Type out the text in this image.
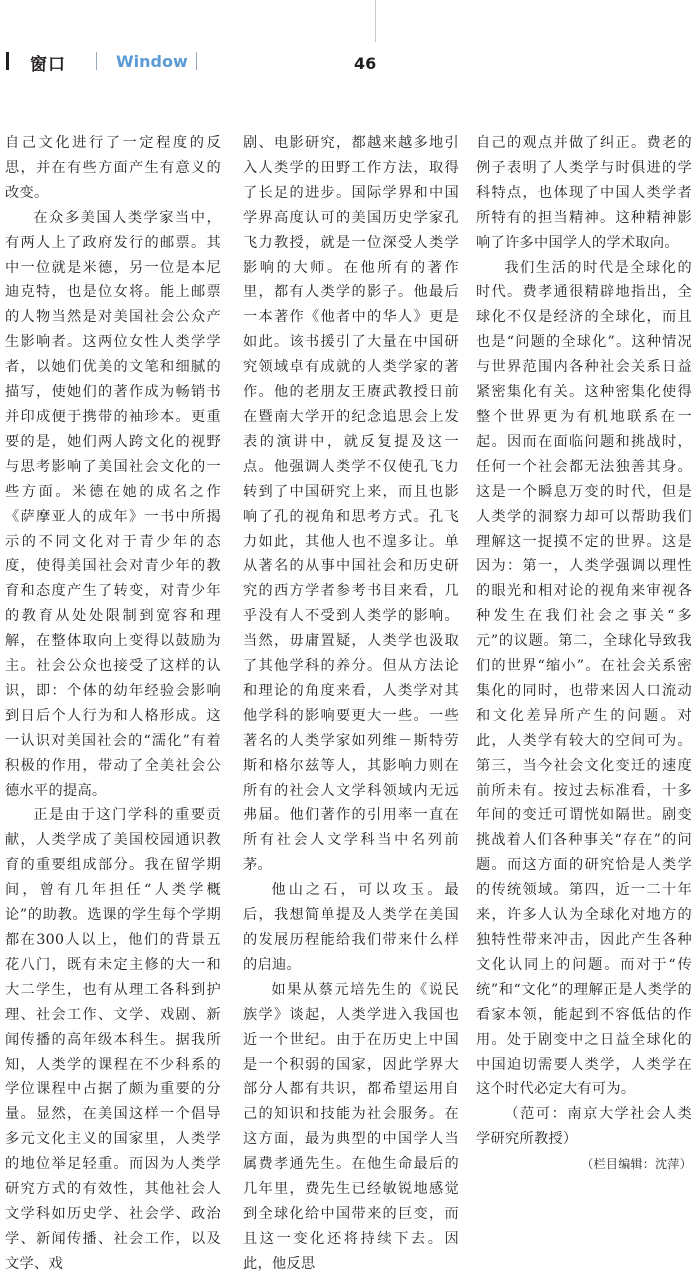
窗口	Window	46

自己文化进行了一定程度的反思，并在有些方面产生有意义的改变。

在众多美国人类学家当中，有两人上了政府发行的邮票。其中一位就是米德，另一位是本尼迪克特，也是位女将。能上邮票的人物当然是对美国社会公众产生影响者。这两位女性人类学学者，以她们优美的文笔和细腻的描写，使她们的著作成为畅销书并印成便于携带的袖珍本。更重要的是，她们两人跨文化的视野与思考影响了美国社会文化的一些方面。米德在她的成名之作《萨摩亚人的成年》一书中所揭示的不同文化对于青少年的态度，使得美国社会对青少年的教育和态度产生了转变，对青少年的教育从处处限制到宽容和理解，在整体取向上变得以鼓励为主。社会公众也接受了这样的认识，即：个体的幼年经验会影响到日后个人行为和人格形成。这一认识对美国社会的“濡化”有着积极的作用，带动了全美社会公德水平的提高。

正是由于这门学科的重要贡献，人类学成了美国校园通识教育的重要组成部分。我在留学期间，曾有几年担任“人类学概论”的助教。选课的学生每个学期都在300人以上，他们的背景五花八门，既有未定主修的大一和大二学生，也有从理工各科到护理、社会工作、文学、戏剧、新闻传播的高年级本科生。据我所知，人类学的课程在不少科系的学位课程中占据了颇为重要的分量。显然，在美国这样一个倡导多元文化主义的国家里，人类学的地位举足轻重。而因为人类学研究方式的有效性，其他社会人文学科如历史学、社会学、政治学、新闻传播、社会工作，以及文学、戏

剧、电影研究，都越来越多地引入人类学的田野工作方法，取得了长足的进步。国际学界和中国学界高度认可的美国历史学家孔飞力教授，就是一位深受人类学影响的大师。在他所有的著作里，都有人类学的影子。他最后一本著作《他者中的华人》更是如此。该书援引了大量在中国研究领域卓有成就的人类学家的著作。他的老朋友王赓武教授日前在暨南大学开的纪念追思会上发表的演讲中，就反复提及这一点。他强调人类学不仅使孔飞力转到了中国研究上来，而且也影响了孔的视角和思考方式。孔飞力如此，其他人也不遑多让。单从著名的从事中国社会和历史研究的西方学者参考书目来看，几乎没有人不受到人类学的影响。当然，毋庸置疑，人类学也汲取了其他学科的养分。但从方法论和理论的角度来看，人类学对其他学科的影响要更大一些。一些著名的人类学家如列维－斯特劳斯和格尔兹等人，其影响力则在所有的社会人文学科领域内无远弗届。他们著作的引用率一直在所有社会人文学科当中名列前茅。

他山之石，可以攻玉。最后，我想简单提及人类学在美国的发展历程能给我们带来什么样的启迪。

如果从蔡元培先生的《说民族学》谈起，人类学进入我国也近一个世纪。由于在历史上中国是一个积弱的国家，因此学界大部分人都有共识，都希望运用自己的知识和技能为社会服务。在这方面，最为典型的中国学人当属费孝通先生。在他生命最后的几年里，费先生已经敏锐地感觉到全球化给中国带来的巨变，而且这一变化还将持续下去。因此，他反思

自己的观点并做了纠正。费老的例子表明了人类学与时俱进的学科特点，也体现了中国人类学者所特有的担当精神。这种精神影响了许多中国学人的学术取向。

我们生活的时代是全球化的时代。费孝通很精辟地指出，全球化不仅是经济的全球化，而且也是“问题的全球化”。这种情况与世界范围内各种社会关系日益紧密集化有关。这种密集化使得整个世界更为有机地联系在一起。因而在面临问题和挑战时，任何一个社会都无法独善其身。这是一个瞬息万变的时代，但是人类学的洞察力却可以帮助我们理解这一捉摸不定的世界。这是因为：第一，人类学强调以理性的眼光和相对论的视角来审视各种发生在我们社会之事关“多元”的议题。第二，全球化导致我们的世界“缩小”。在社会关系密集化的同时，也带来因人口流动和文化差异所产生的问题。对此，人类学有较大的空间可为。第三，当今社会文化变迁的速度前所未有。按过去标准看，十多年间的变迁可谓恍如隔世。剧变挑战着人们各种事关“存在”的问题。而这方面的研究恰是人类学的传统领域。第四，近一二十年来，许多人认为全球化对地方的独特性带来冲击，因此产生各种文化认同上的问题。而对于“传统”和“文化”的理解正是人类学的看家本领，能起到不容低估的作用。处于剧变中之日益全球化的中国迫切需要人类学，人类学在这个时代必定大有可为。

（范可：南京大学社会人类学研究所教授）

（栏目编辑：沈萍）
